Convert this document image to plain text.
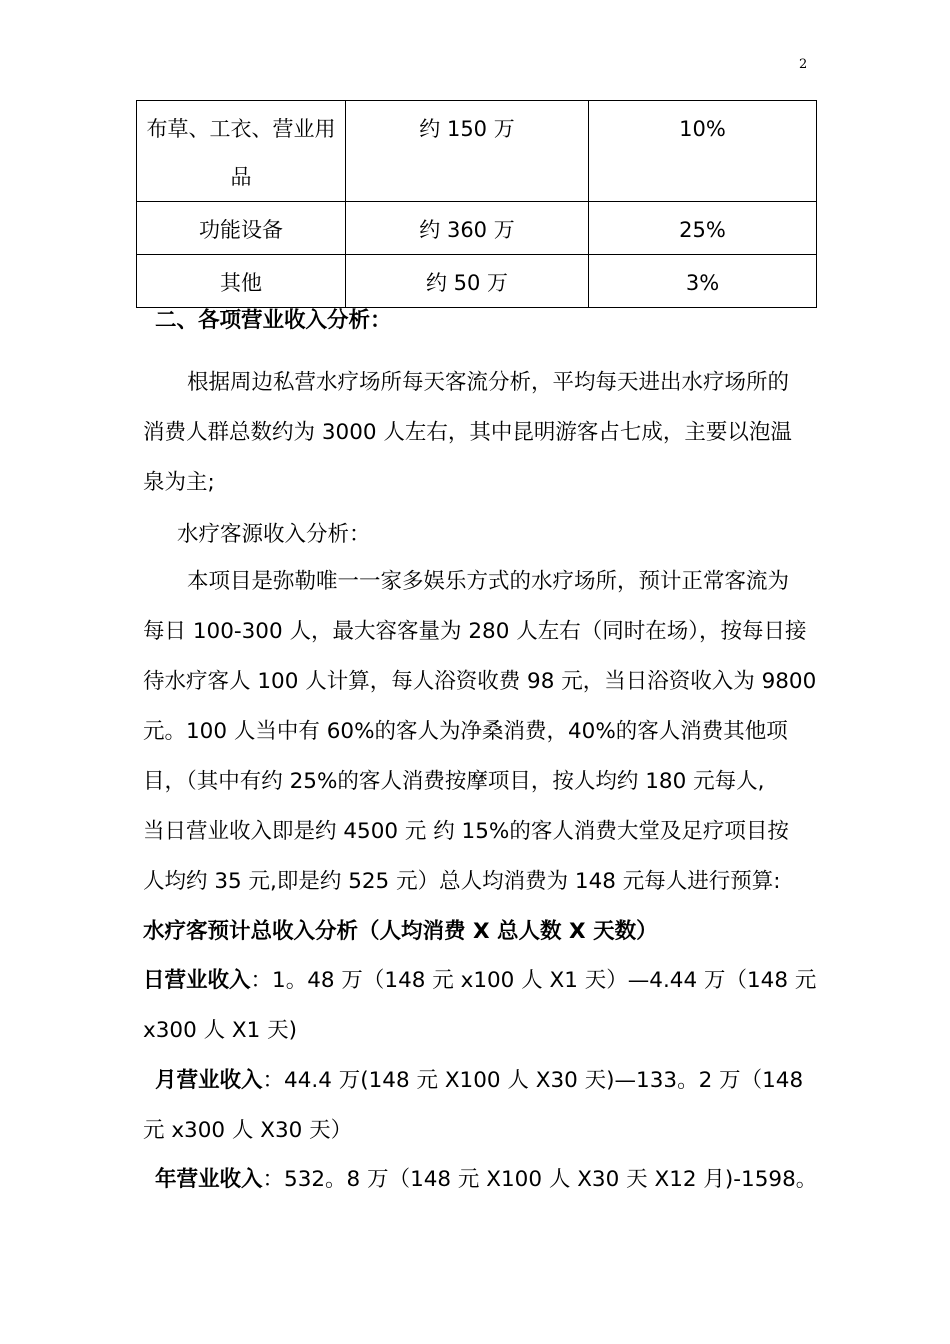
2
布草、工衣、营业用品	约 150 万	10%
功能设备	约 360 万	25%
其他	约 50 万	3%
二、各项营业收入分析：
根据周边私营水疗场所每天客流分析，平均每天进出水疗场所的
消费人群总数约为 3000 人左右，其中昆明游客占七成，主要以泡温
泉为主;
水疗客源收入分析：
本项目是弥勒唯一一家多娱乐方式的水疗场所，预计正常客流为
每日 100-300 人，最大容客量为 280 人左右（同时在场），按每日接
待水疗客人 100 人计算，每人浴资收费 98 元，当日浴资收入为 9800
元。100 人当中有 60%的客人为净桑消费，40%的客人消费其他项
目，（其中有约 25%的客人消费按摩项目，按人均约 180 元每人,
当日营业收入即是约 4500 元 约 15%的客人消费大堂及足疗项目按
人均约 35 元,即是约 525 元）总人均消费为 148 元每人进行预算:
水疗客预计总收入分析（人均消费 X 总人数 X 天数）
日营业收入：1。48 万（148 元 x100 人 X1 天）—4.44 万（148 元
x300 人 X1 天)
月营业收入：44.4 万(148 元 X100 人 X30 天)—133。2 万（148
元 x300 人 X30 天）
年营业收入：532。8 万（148 元 X100 人 X30 天 X12 月)-1598。
